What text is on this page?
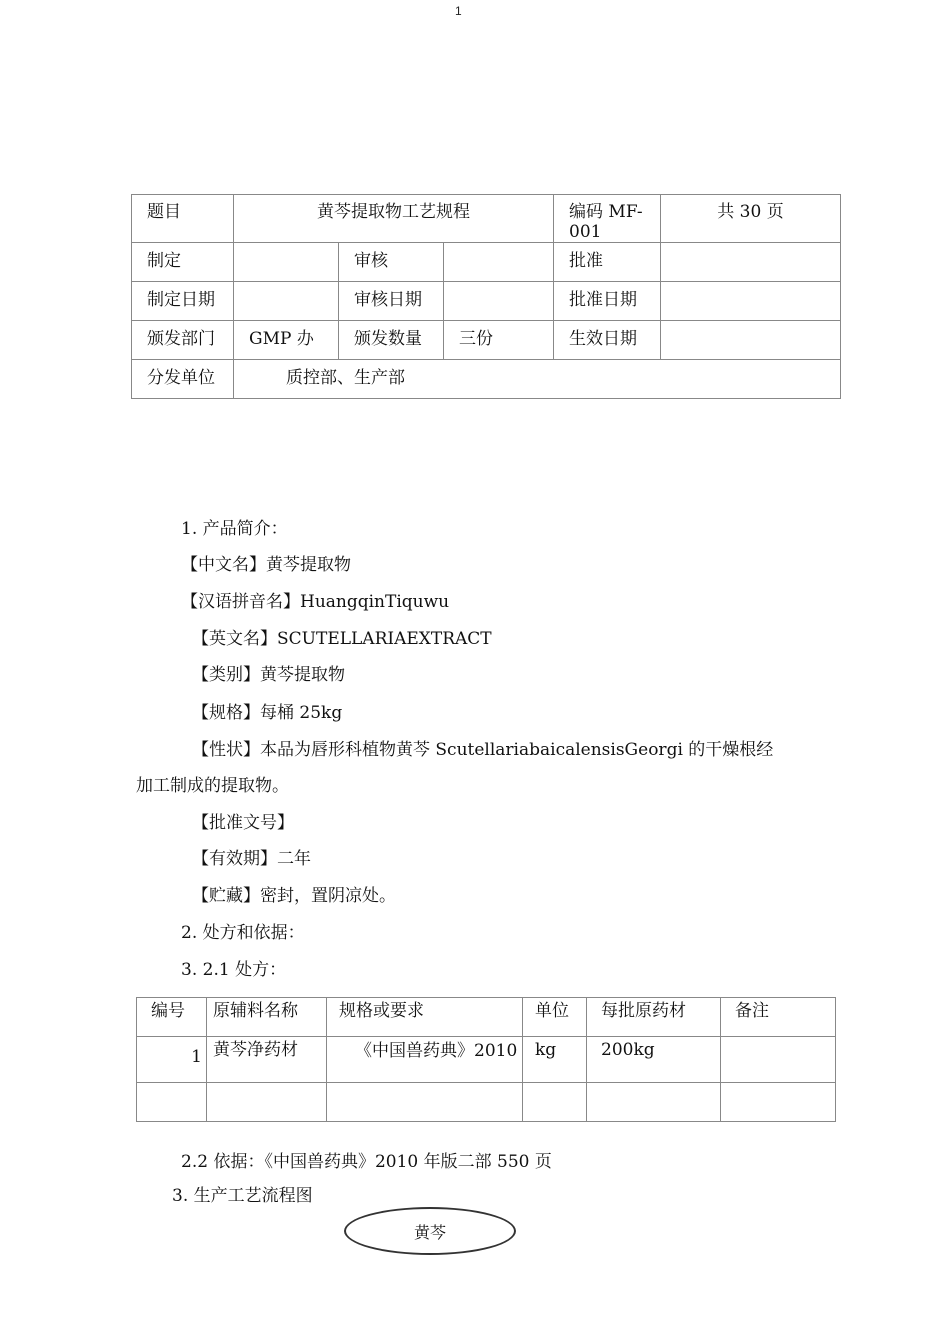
1
题目	黄芩提取物工艺规程			编码 MF-001	共 30 页
制定		审核		批准	
制定日期		审核日期		批准日期	
颁发部门	GMP 办	颁发数量	三份	生效日期	
分发单位	质控部、生产部				
1. 产品简介：
【中文名】黄芩提取物
【汉语拼音名】HuangqinTiquwu
【英文名】SCUTELLARIAEXTRACT
【类别】黄芩提取物
【规格】每桶 25kg
【性状】本品为唇形科植物黄芩 ScutellariabaicalensisGeorgi 的干燥根经
加工制成的提取物。
【批准文号】
【有效期】二年
【贮藏】密封，置阴凉处。
2. 处方和依据：
3. 2.1 处方：
编号	原辅料名称	规格或要求	单位	每批原药材	备注
1	黄芩净药材	《中国兽药典》2010	kg	200kg	

2.2 依据：《中国兽药典》2010 年版二部 550 页
3. 生产工艺流程图
黄芩
